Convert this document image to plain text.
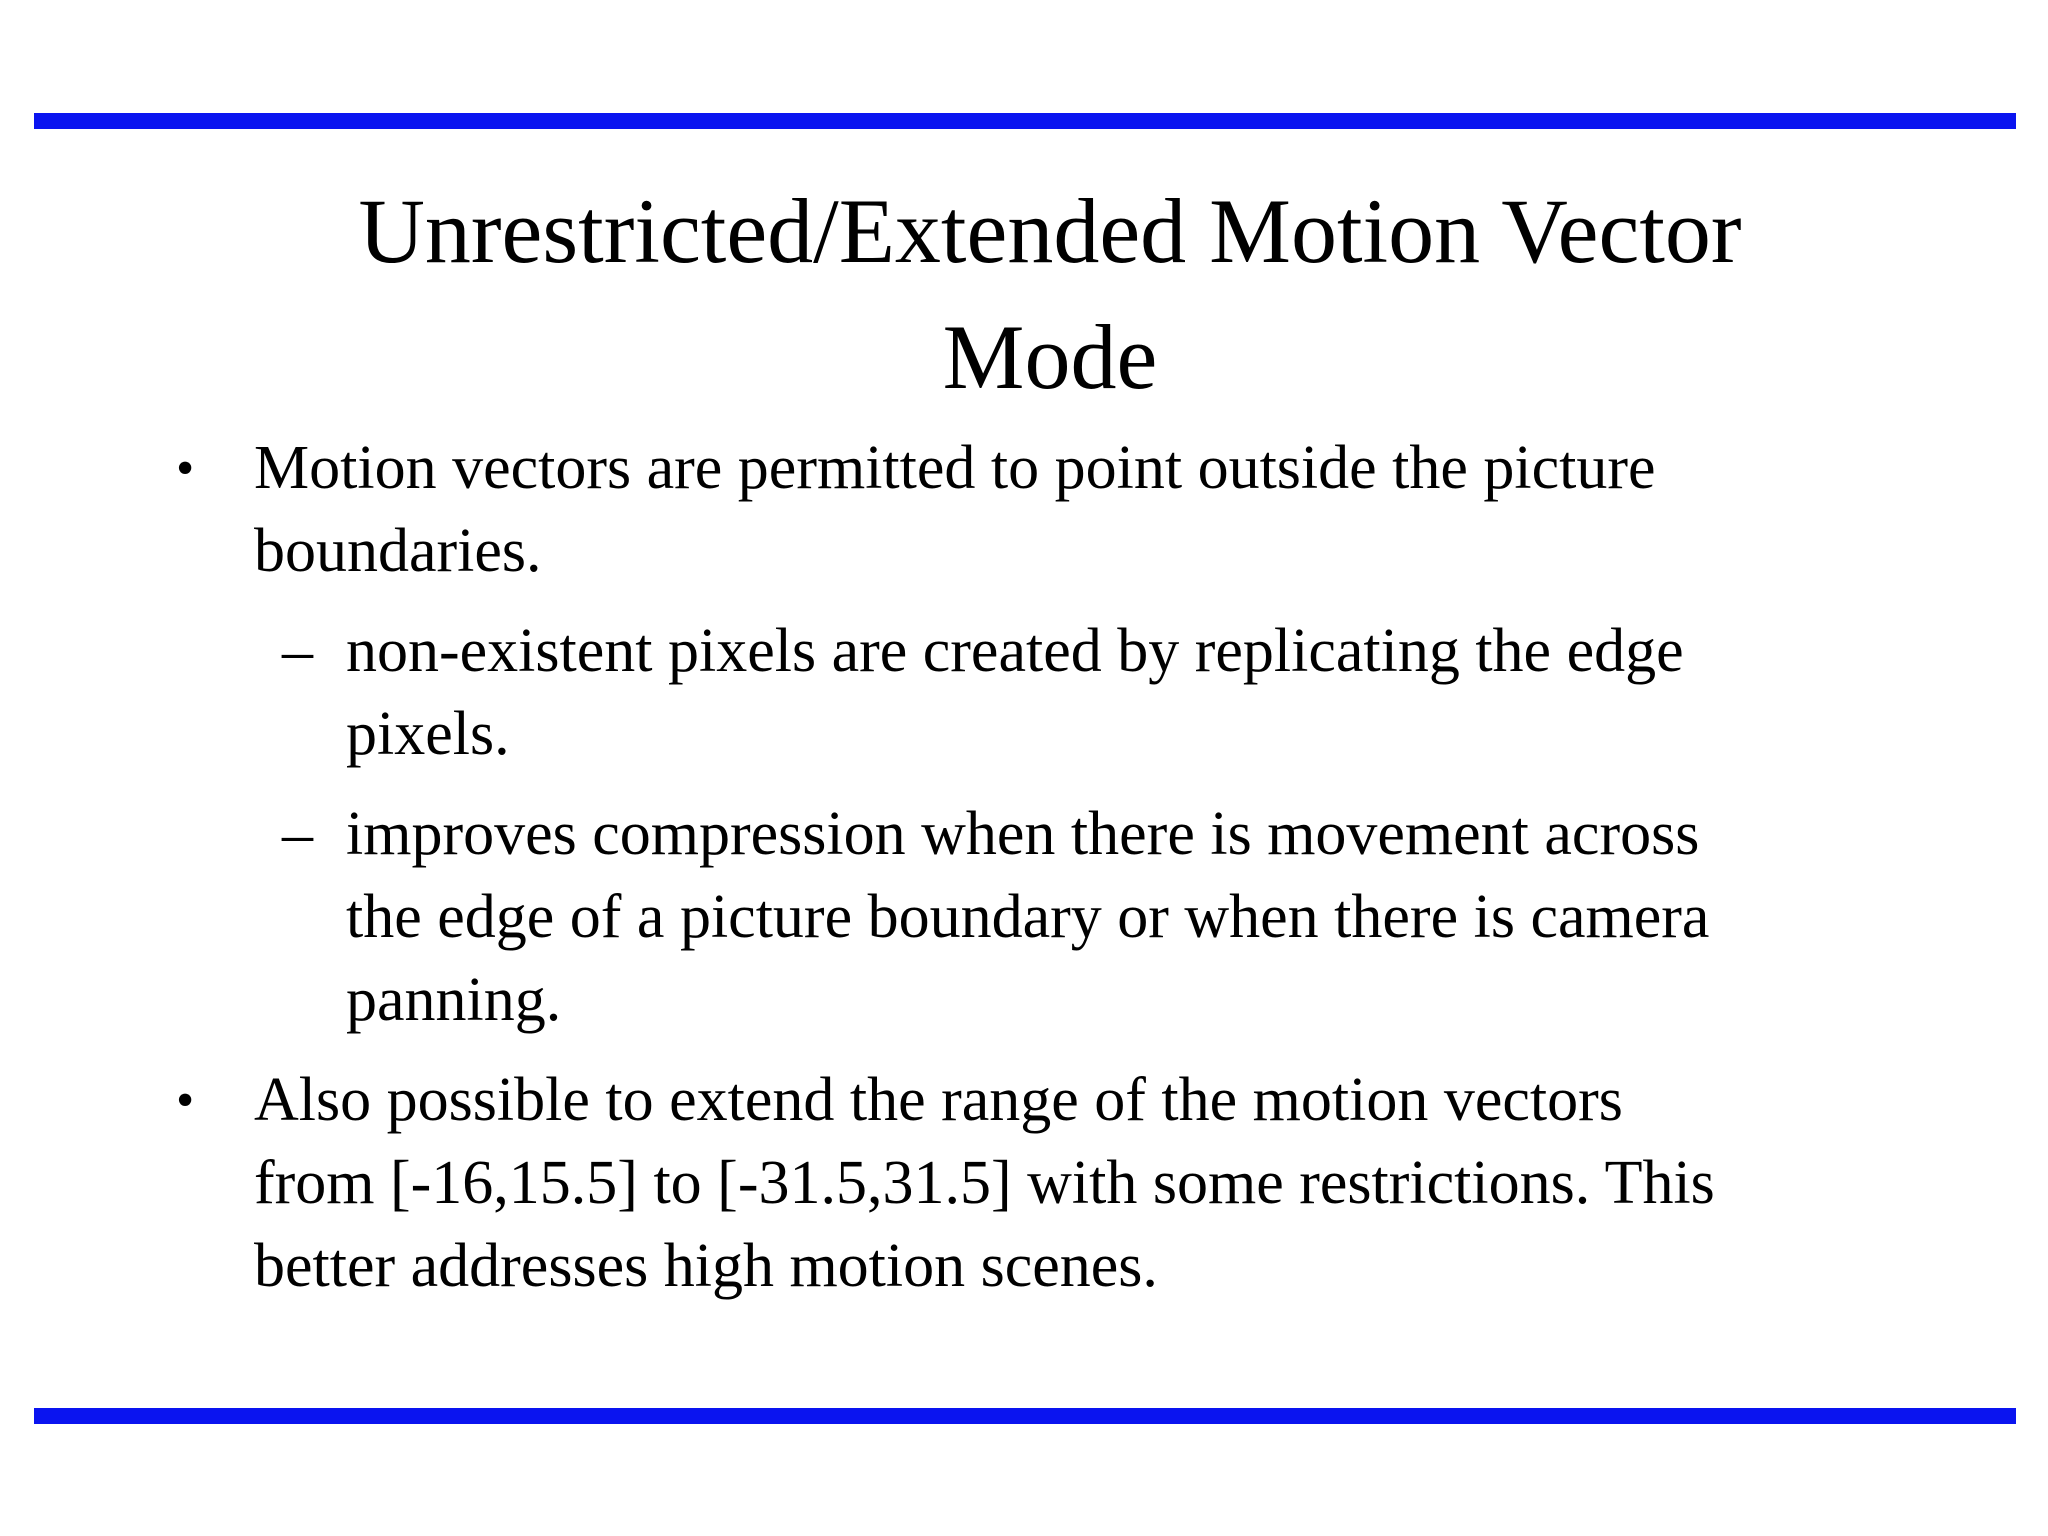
Unrestricted/Extended Motion Vector
Mode
• Motion vectors are permitted to point outside the picture
boundaries.
– non-existent pixels are created by replicating the edge
pixels.
– improves compression when there is movement across
the edge of a picture boundary or when there is camera
panning.
• Also possible to extend the range of the motion vectors
from [-16,15.5] to [-31.5,31.5] with some restrictions. This
better addresses high motion scenes.
